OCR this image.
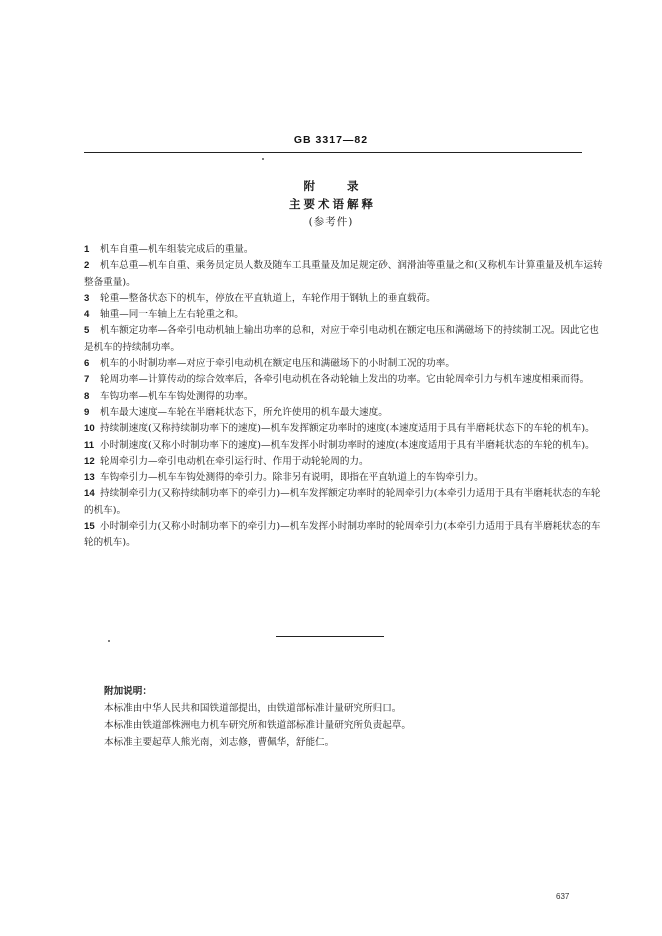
GB 3317—82
附 录
主要术语解释
(参考件)

1 机车自重—机车组装完成后的重量。

2 机车总重—机车自重、乘务员定员人数及随车工具重量及加足规定砂、润滑油等重量之和(又称机车计算重量及机车运转整备重量)。

3 轮重—整备状态下的机车，停放在平直轨道上，车轮作用于钢轨上的垂直载荷。

4 轴重—同一车轴上左右轮重之和。

5 机车额定功率—各牵引电动机轴上输出功率的总和，对应于牵引电动机在额定电压和满磁场下的持续制工况。因此它也是机车的持续制功率。

6 机车的小时制功率—对应于牵引电动机在额定电压和满磁场下的小时制工况的功率。

7 轮周功率—计算传动的综合效率后，各牵引电动机在各动轮轴上发出的功率。它由轮周牵引力与机车速度相乘而得。

8 车钩功率—机车车钩处测得的功率。

9 机车最大速度—车轮在半磨耗状态下，所允许使用的机车最大速度。

10 持续制速度(又称持续制功率下的速度)—机车发挥额定功率时的速度(本速度适用于具有半磨耗状态下的车轮的机车)。

11 小时制速度(又称小时制功率下的速度)—机车发挥小时制功率时的速度(本速度适用于具有半磨耗状态的车轮的机车)。

12 轮周牵引力—牵引电动机在牵引运行时、作用于动轮轮周的力。

13 车钩牵引力—机车车钩处测得的牵引力。除非另有说明，即指在平直轨道上的车钩牵引力。

14 持续制牵引力(又称持续制功率下的牵引力)—机车发挥额定功率时的轮周牵引力(本牵引力适用于具有半磨耗状态的车轮的机车)。

15 小时制牵引力(又称小时制功率下的牵引力)—机车发挥小时制功率时的轮周牵引力(本牵引力适用于具有半磨耗状态的车轮的机车)。

附加说明：
本标准由中华人民共和国铁道部提出，由铁道部标准计量研究所归口。
本标准由铁道部株洲电力机车研究所和铁道部标准计量研究所负责起草。
本标准主要起草人熊光南，刘志修，曹佩华，舒能仁。
637
